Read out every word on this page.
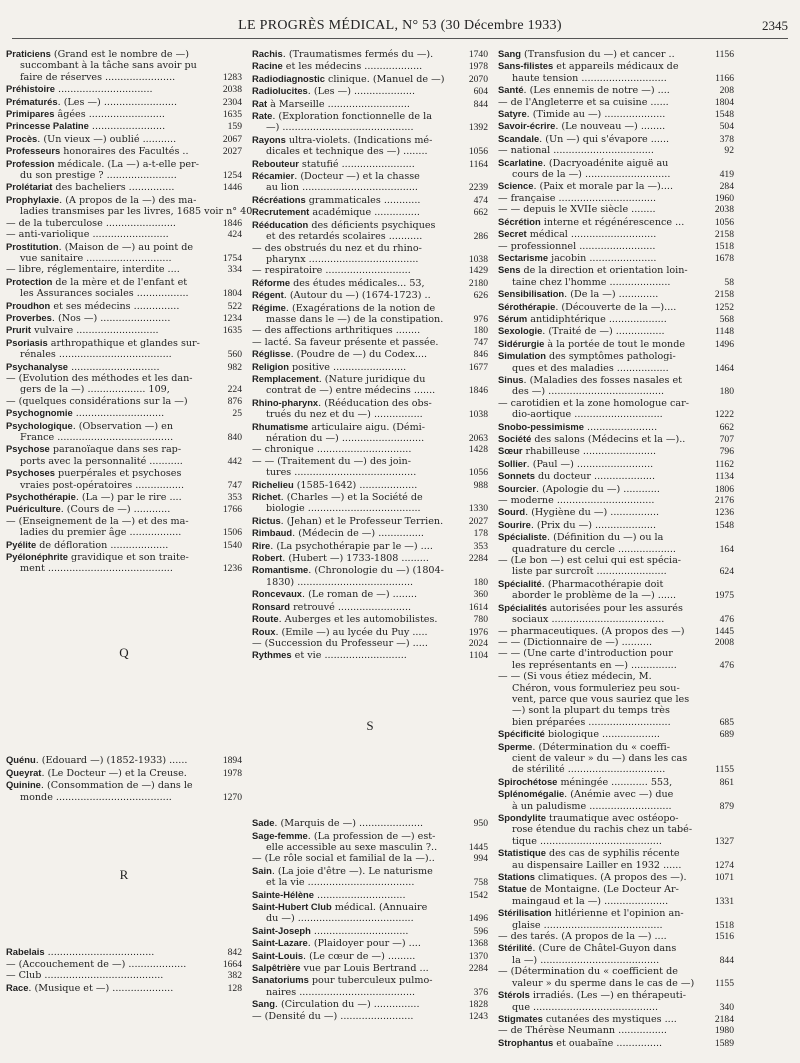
LE PROGRÈS MÉDICAL, N° 53 (30 Décembre 1933)	2345
Praticiens (Grand est le nombre de —)
succombant à la tâche sans avoir pu
faire de réserves .......................	1283
Préhistoire ...............................	2038
Prématurés. (Les —) ........................	2304
Primipares âgées .........................	1635
Princesse Palatine ........................	159
Procès. (Un vieux —) oublié ...........	2067
Professeurs honoraires des Facultés ..	2027
Profession médicale. (La —) a-t-elle per-
du son prestige ? .......................	1254
Prolétariat des bacheliers ...............	1446
Prophylaxie. (A propos de la —) des ma-
ladies transmises par les livres, 1685 voir n° 40
— de la tuberculose .......................	1846
— anti-variolique .........................	424
Prostitution. (Maison de —) au point de
vue sanitaire ............................	1754
— libre, réglementaire, interdite ....	334
Protection de la mère et de l'enfant et
les Assurances sociales .................	1804
Proudhon et ses médecins ...............	522
Proverbes. (Nos —) .......................	1234
Prurit vulvaire ...........................	1635
Psoriasis arthropathique et glandes sur-
rénales .....................................	560
Psychanalyse .............................	982
— (Evolution des méthodes et les dan-
gers de la —) ................... 109,	224
— (quelques considérations sur la —)	876
Psychognomie .............................	25
Psychologique. (Observation —) en
France ......................................	840
Psychose paranoïaque dans ses rap-
ports avec la personnalité ...........	442
Psychoses puerpérales et psychoses
vraies post-opératoires ................	747
Psychothérapie. (La —) par le rire ....	353
Puériculture. (Cours de —) ............	1766
— (Enseignement de la —) et des ma-
ladies du premier âge .................	1506
Pyélite de défloration ...................	1540
Pyélonéphrite gravidique et son traite-
ment .........................................	1236
Q
Quénu. (Edouard —) (1852-1933) ......	1894
Queyrat. (Le Docteur —) et la Creuse.	1978
Quinine. (Consommation de —) dans le
monde ......................................	1270
R
Rabelais ...................................	842
— (Accouchement de —) ...................	1664
— Club .......................................	382
Race. (Musique et —) ....................	128
Rachis. (Traumatismes fermés du —).	1740
Racine et les médecins ...................	1978
Radiodiagnostic clinique. (Manuel de —)	2070
Radiolucites. (Les —) ....................	604
Rat à Marseille ...........................	844
Rate. (Exploration fonctionnelle de la
—) ...........................................	1392
Rayons ultra-violets. (Indications mé-
dicales et technique des —) ........	1056
Rebouteur statufié ........................	1164
Récamier. (Docteur —) et la chasse
au lion ......................................	2239
Récréations grammaticales ............	474
Recrutement académique ...............	662
Rééducation des déficients psychiques
et des retardés scolaires ...........	286
— des obstrués du nez et du rhino-
pharynx ....................................	1038
— respiratoire ............................	1429
Réforme des études médicales... 53,	2180
Régent. (Autour du —) (1674-1723) ..	626
Régime. (Exagérations de la notion de
masse dans le —) de la constipation.	976
— des affections arthritiques ........	180
— lacté. Sa faveur présente et passée.	747
Réglisse. (Poudre de —) du Codex....	846
Religion positive ........................	1677
Remplacement. (Nature juridique du
contrat de —) entre médecins .......	1846
Rhino-pharynx. (Rééducation des obs-
trués du nez et du —) ................	1038
Rhumatisme articulaire aigu. (Démi-
nération du —) ...........................	2063
— chronique ...............................	1428
— — (Traitement du —) des join-
tures ........................................	1056
Richelieu (1585-1642) ...................	988
Richet. (Charles —) et la Société de
biologie .....................................	1330
Rictus. (Jehan) et le Professeur Terrien.	2027
Rimbaud. (Médecin de —) ...............	178
Rire. (La psychothérapie par le —) ....	353
Robert. (Hubert —) 1733-1808 .........	2284
Romantisme. (Chronologie du —) (1804-
1830) ......................................	180
Roncevaux. (Le roman de —) ........	360
Ronsard retrouvé ........................	1614
Route. Auberges et les automobilistes.	780
Roux. (Emile —) au lycée du Puy .....	1976
— (Succession du Professeur —) .....	2024
Rythmes et vie ...........................	1104
S
Sade. (Marquis de —) .....................	950
Sage-femme. (La profession de —) est-
elle accessible au sexe masculin ?..	1445
— (Le rôle social et familial de la —)..	994
Sain. (La joie d'être —). Le naturisme
et la vie ...................................	758
Sainte-Hélène .............................	1542
Saint-Hubert Club médical. (Annuaire
du —) ......................................	1496
Saint-Joseph ...............................	596
Saint-Lazare. (Plaidoyer pour —) ....	1368
Saint-Louis. (Le cœur de —) .........	1370
Salpêtrière vue par Louis Bertrand ...	2284
Sanatoriums pour tuberculeux pulmo-
naires ......................................	376
Sang. (Circulation du —) ...............	1828
— (Densité du —) ........................	1243
Sang (Transfusion du —) et cancer ..	1156
Sans-filistes et appareils médicaux de
haute tension ............................	1166
Santé. (Les ennemis de notre —) ....	208
— de l'Angleterre et sa cuisine ......	1804
Satyre. (Timide au —) ....................	1548
Savoir-écrire. (Le nouveau —) ........	504
Scandale. (Un —) qui s'évapore ......	378
— national .................................	92
Scarlatine. (Dacryoadénite aiguë au
cours de la —) ............................	419
Science. (Paix et morale par la —)....	284
— française ................................	1960
— — depuis le XVIIe siècle ........	2038
Sécrétion interne et régénérescence ...	1056
Secret médical ............................	2158
— professionnel .........................	1518
Sectarisme jacobin ......................	1678
Sens de la direction et orientation loin-
taine chez l'homme ....................	58
Sensibilisation. (De la —) .............	2158
Sérothérapie. (Découverte de la —)....	1252
Sérum antidiphtérique ...................	568
Sexologie. (Traité de —) ................	1148
Sidérurgie à la portée de tout le monde	1496
Simulation des symptômes pathologi-
ques et des maladies .................	1464
Sinus. (Maladies des fosses nasales et
des —) ......................................	180
— carotidien et la zone homologue car-
dio-aortique .............................	1222
Snobo-pessimisme .......................	662
Société des salons (Médecins et la —)..	707
Sœur rhabilleuse ........................	796
Sollier. (Paul —) .........................	1162
Sonnets du docteur ....................	1134
Sourcier. (Apologie du —) ............	1806
— moderne ................................	2176
Sourd. (Hygiène du —) ................	1236
Sourire. (Prix du —) ....................	1548
Spécialiste. (Définition du —) ou la
quadrature du cercle ...................	164
— (Le bon —) est celui qui est spécia-
liste par surcroît .......................	624
Spécialité. (Pharmacothérapie doit
aborder le problème de la —) ......	1975
Spécialités autorisées pour les assurés
sociaux .....................................	476
— pharmaceutiques. (A propos des —)	1445
— — (Dictionnaire de —) ..........	2008
— — (Une carte d'introduction pour
les représentants en —) ...............	476
— — (Si vous étiez médecin, M.
Chéron, vous formuleriez peu sou-
vent, parce que vous sauriez que les
—) sont la plupart du temps très
bien préparées ...........................	685
Spécificité biologique ...................	689
Sperme. (Détermination du « coeffi-
cient de valeur » du —) dans les cas
de stérilité ................................	1155
Spirochétose méningée ............ 553,	861
Splénomégalie. (Anémie avec —) due
à un paludisme ...........................	879
Spondylite traumatique avec ostéopo-
rose étendue du rachis chez un tabé-
tique ........................................	1327
Statistique des cas de syphilis récente
au dispensaire Lailler en 1932 ......	1274
Stations climatiques. (A propos des —).	1071
Statue de Montaigne. (Le Docteur Ar-
maingaud et la —) .....................	1331
Stérilisation hitlérienne et l'opinion an-
glaise .......................................	1518
— des tarés. (A propos de la —) ....	1516
Stérilité. (Cure de Châtel-Guyon dans
la —) .......................................	844
— (Détermination du « coefficient de
valeur » du sperme dans le cas de —)	1155
Stérols irradiés. (Les —) en thérapeuti-
que .........................................	340
Stigmates cutanées des mystiques ....	2184
— de Thérèse Neumann ................	1980
Strophantus et ouabaïne ...............	1589
